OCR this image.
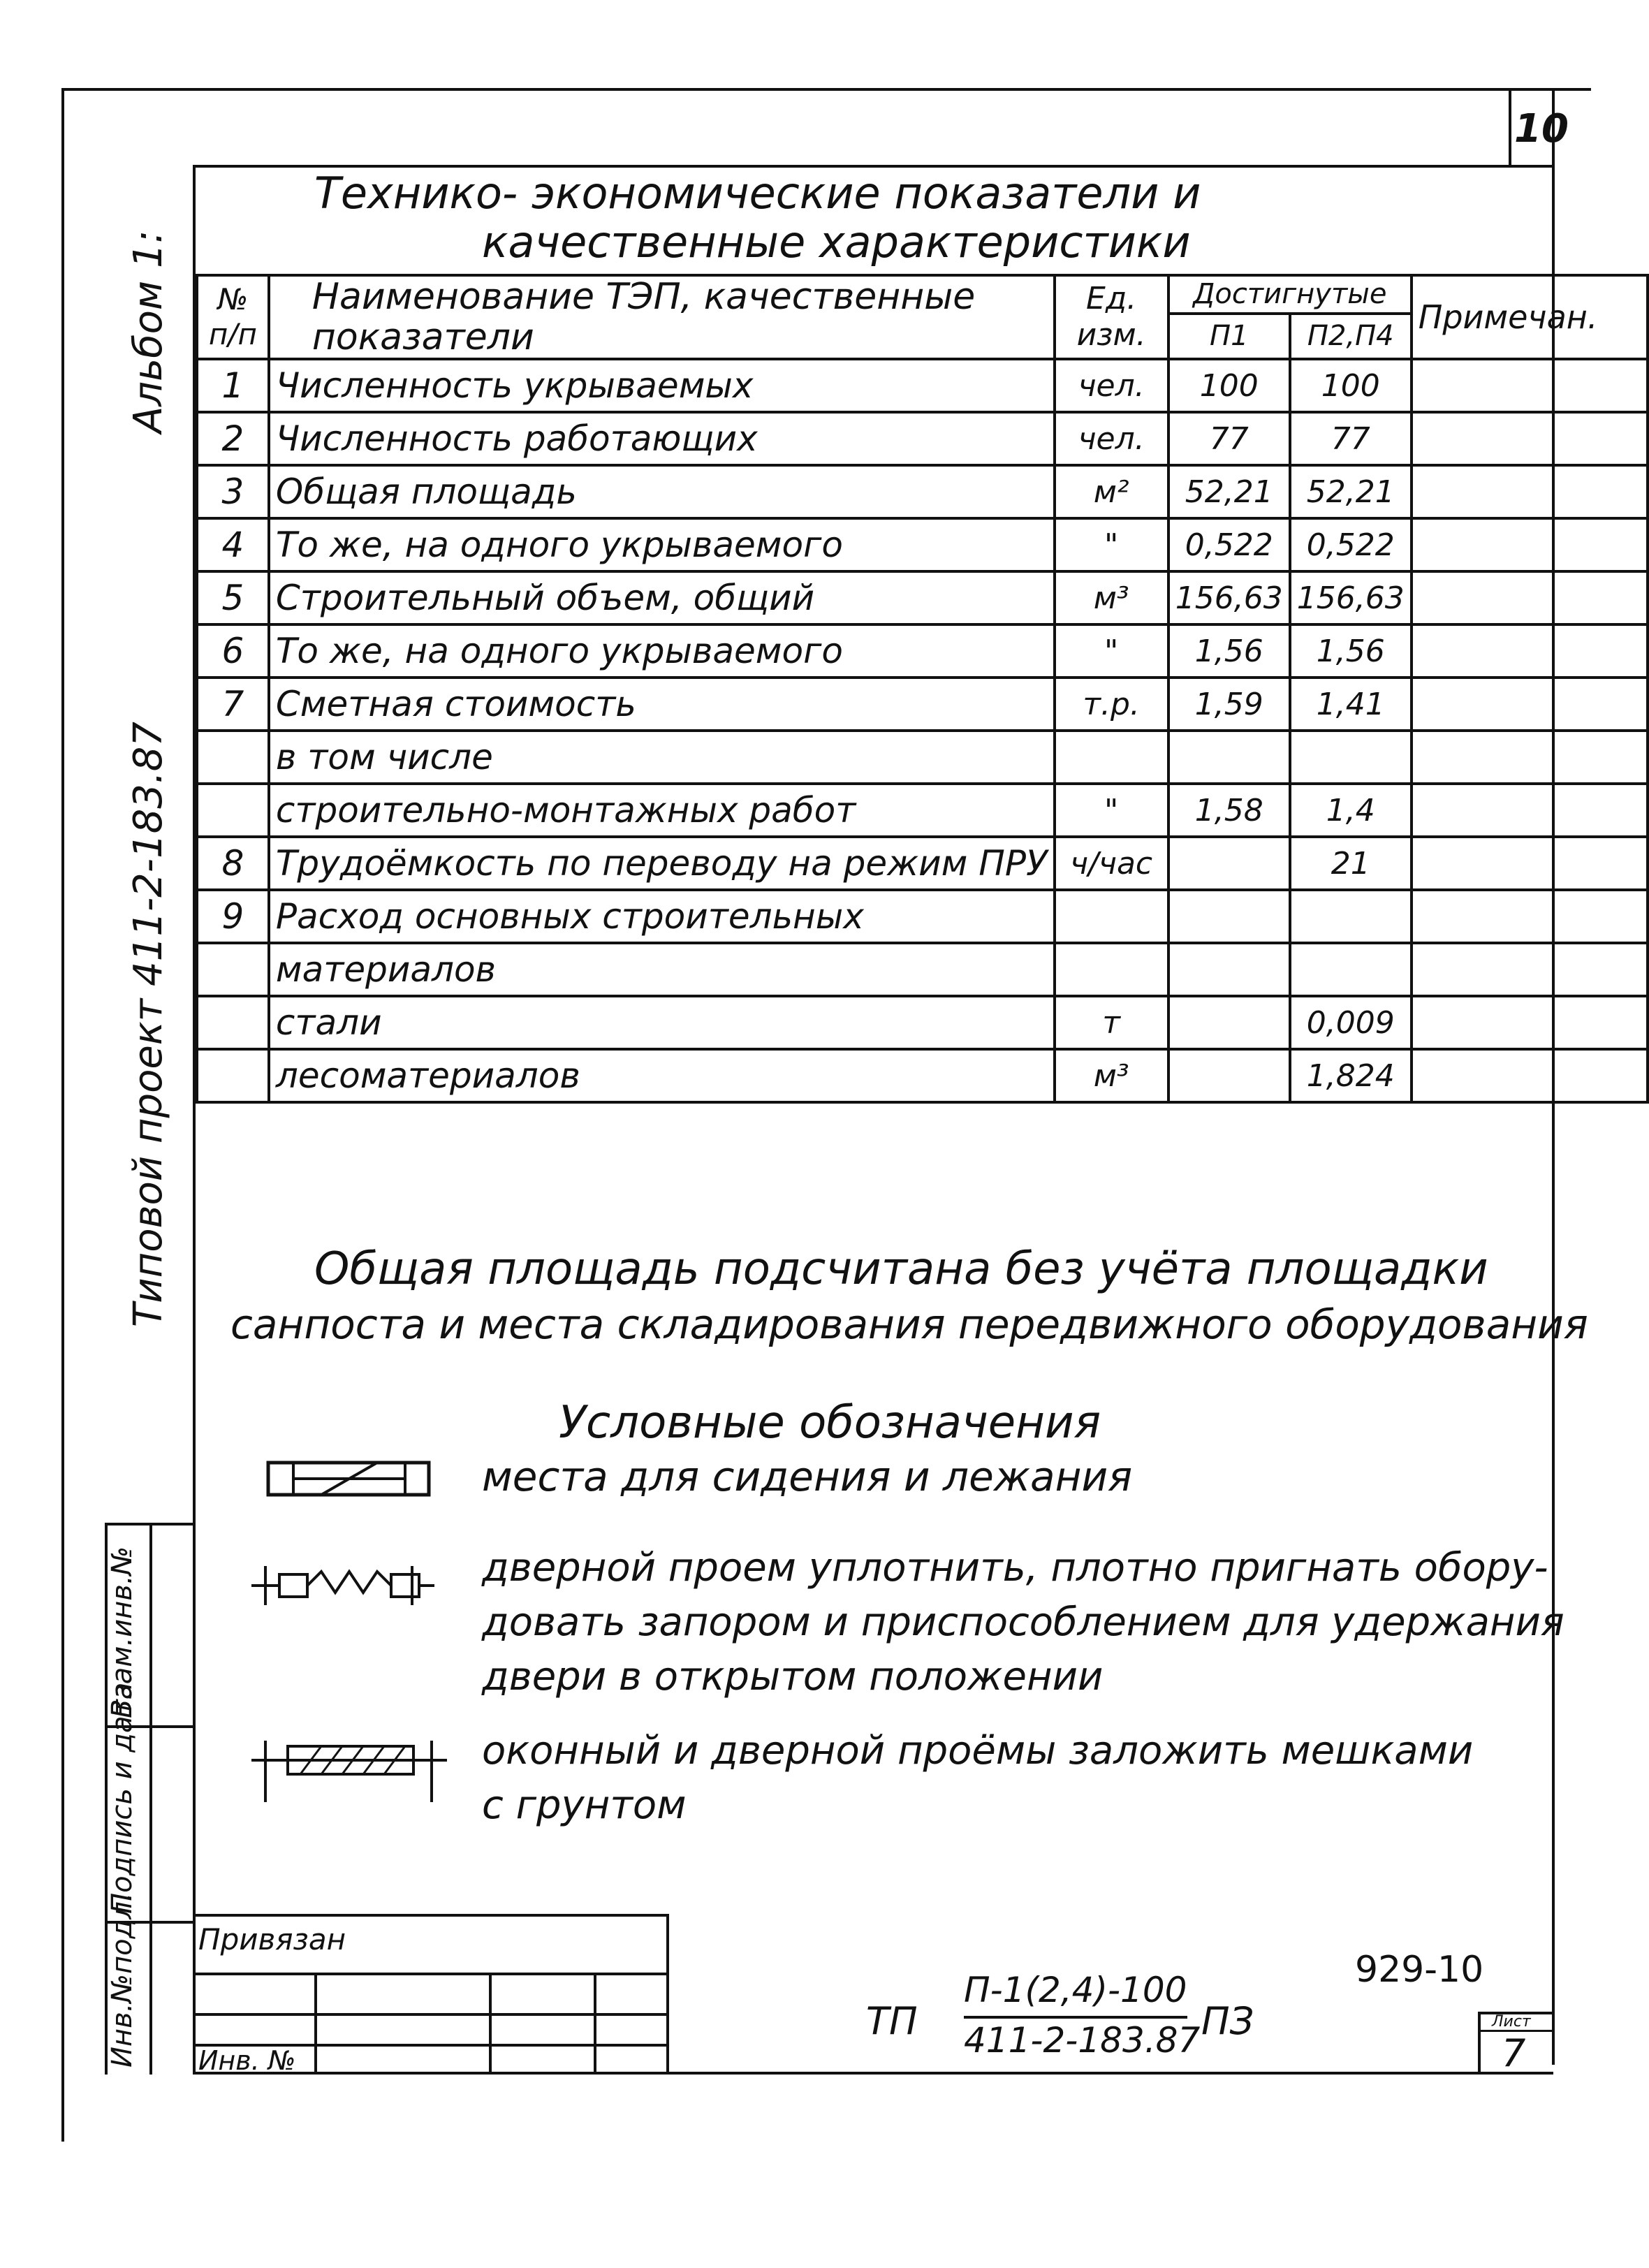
10
Технико- экономические показатели и
качественные характеристики
№ п/п	Наименование ТЭП, качественные показатели	Ед. изм.	Достигнутые		Примечан.
			П1	П2,П4	
1	Численность укрываемых	чел.	100	100	
2	Численность работающих	чел.	77	77	
3	Общая площадь	м²	52,21	52,21	
4	То же, на одного укрываемого	"	0,522	0,522	
5	Строительный объем, общий	м³	156,63	156,63	
6	То же, на одного укрываемого	"	1,56	1,56	
7	Сметная стоимость	т.р.	1,59	1,41	
	в том числе				
	строительно-монтажных работ	"	1,58	1,4	
8	Трудоёмкость по переводу на режим ПРУ	ч/час		21	
9	Расход основных строительных				
	материалов				
	стали	т		0,009	
	лесоматериалов	м³		1,824	
Общая площадь подсчитана без учёта площадки
санпоста и места складирования передвижного оборудования
Условные обозначения
места для сидения и лежания
дверной проем уплотнить, плотно пригнать обору-
довать запором и приспособлением для удержания
двери в открытом положении
оконный и дверной проёмы заложить мешками
с грунтом
Альбом 1:
Типовой проект 411-2-183.87
Инв.№подл.
Подпись и дата
Взам.инв.№
Привязан
Инв. №
929-10
ТП
П-1(2,4)-100
411-2-183.87 ПЗ	Лист
7
